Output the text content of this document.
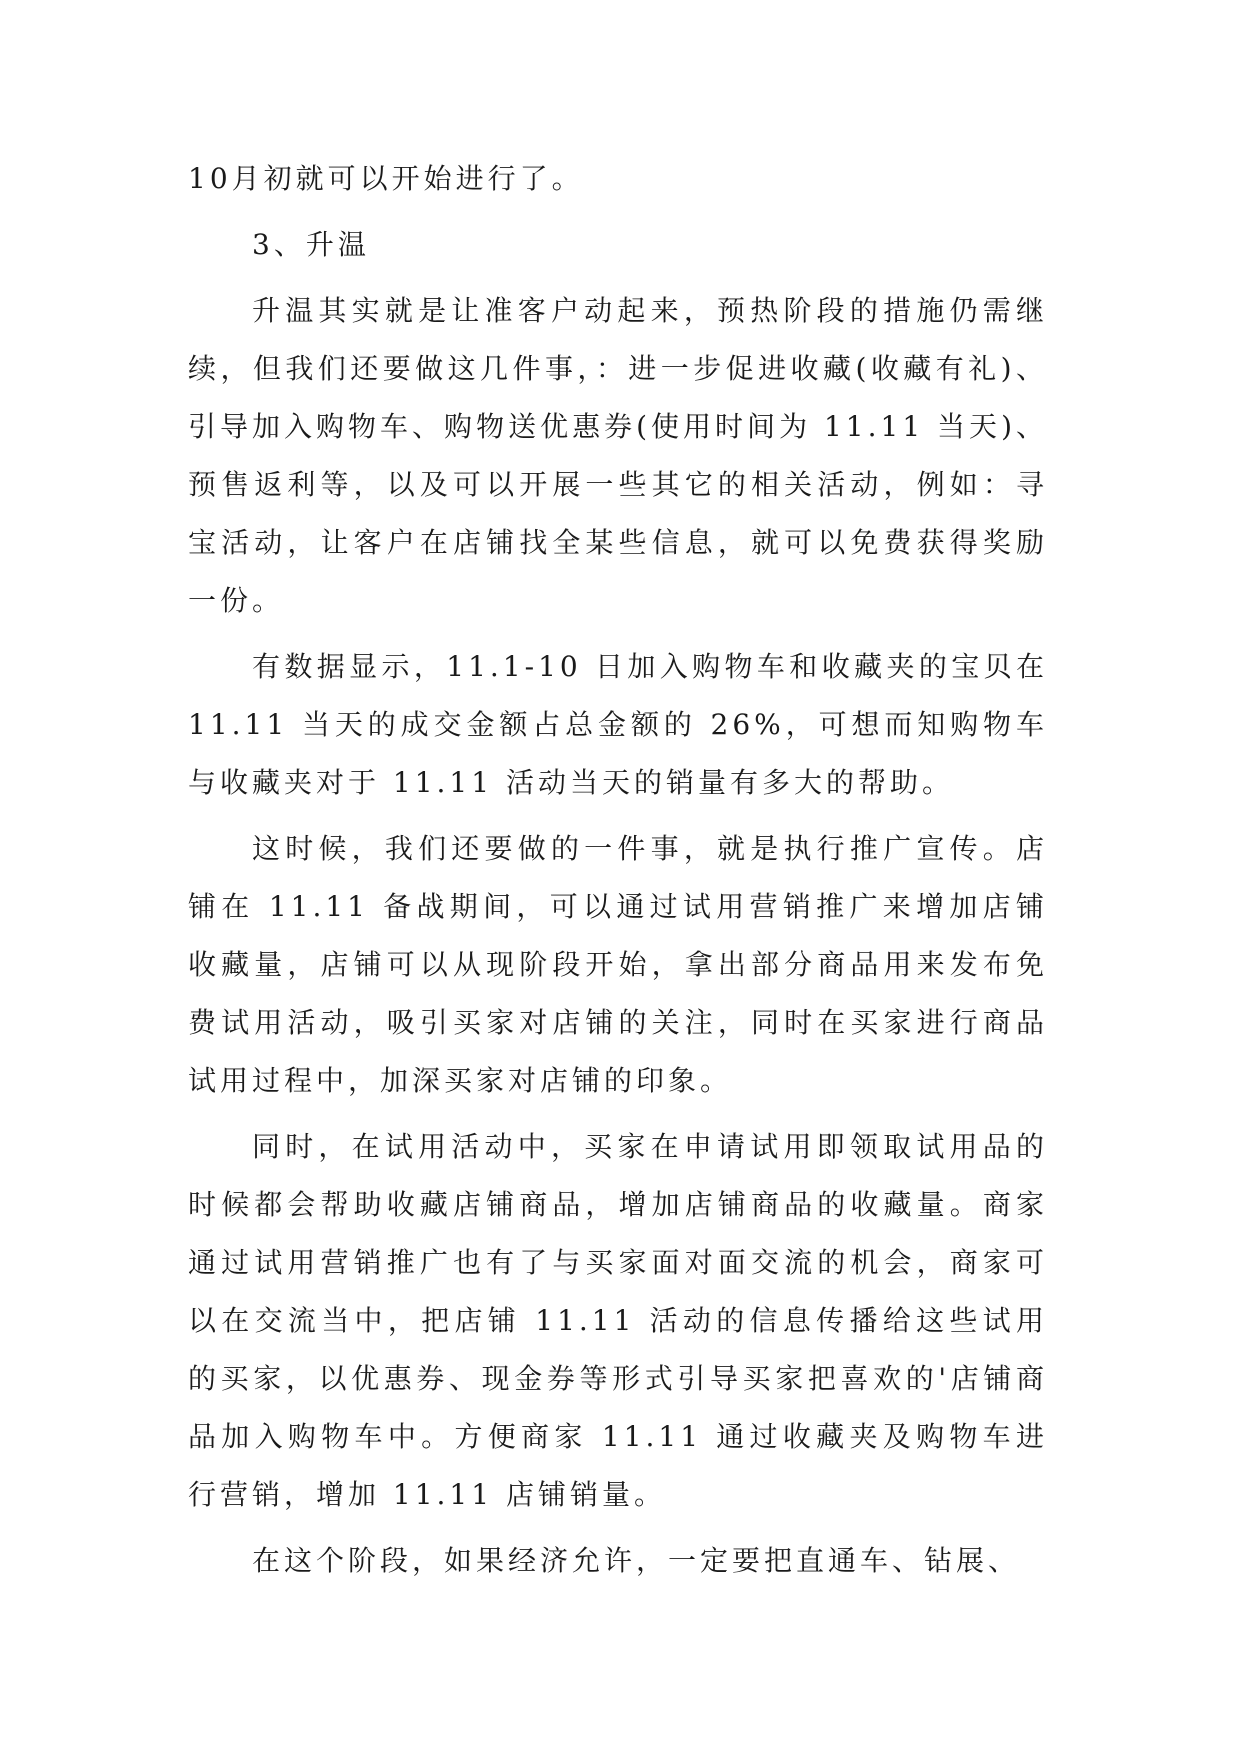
10月初就可以开始进行了。

3、升温

升温其实就是让准客户动起来，预热阶段的措施仍需继续，但我们还要做这几件事，：进一步促进收藏(收藏有礼)、引导加入购物车、购物送优惠券(使用时间为 11.11 当天)、预售返利等，以及可以开展一些其它的相关活动，例如：寻宝活动，让客户在店铺找全某些信息，就可以免费获得奖励一份。

有数据显示，11.1-10 日加入购物车和收藏夹的宝贝在 11.11 当天的成交金额占总金额的 26%，可想而知购物车与收藏夹对于 11.11 活动当天的销量有多大的帮助。

这时候，我们还要做的一件事，就是执行推广宣传。店铺在 11.11 备战期间，可以通过试用营销推广来增加店铺收藏量，店铺可以从现阶段开始，拿出部分商品用来发布免费试用活动，吸引买家对店铺的关注，同时在买家进行商品试用过程中，加深买家对店铺的印象。

同时，在试用活动中，买家在申请试用即领取试用品的时候都会帮助收藏店铺商品，增加店铺商品的收藏量。商家通过试用营销推广也有了与买家面对面交流的机会，商家可以在交流当中，把店铺 11.11 活动的信息传播给这些试用的买家，以优惠券、现金券等形式引导买家把喜欢的'店铺商品加入购物车中。方便商家 11.11 通过收藏夹及购物车进行营销，增加 11.11 店铺销量。

在这个阶段，如果经济允许，一定要把直通车、钻展、
